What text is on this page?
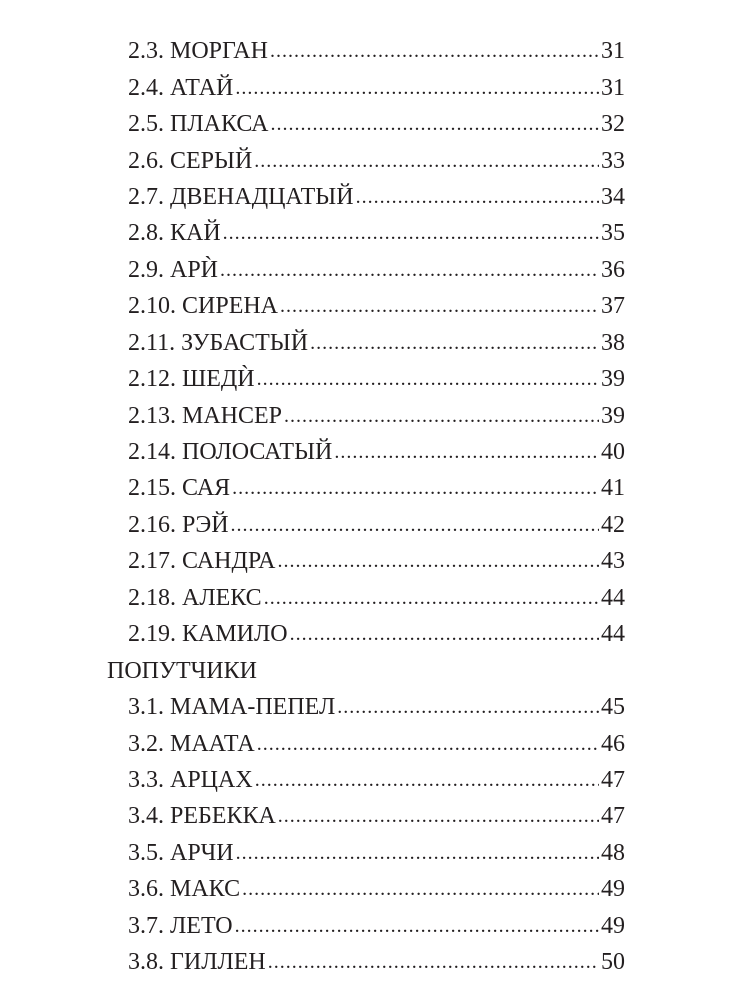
2.3. МОРГАН .....	31
2.4. АТАЙ .....	31
2.5. ПЛАКСА .....	32
2.6. СЕРЫЙ .....	33
2.7. ДВЕНАДЦАТЫЙ .....	34
2.8. КАЙ .....	35
2.9. АРЍ .....	36
2.10. СИРЕНА .....	37
2.11. ЗУБАСТЫЙ .....	38
2.12. ШЕДЍ .....	39
2.13. МАНСЕР .....	39
2.14. ПОЛОСАТЫЙ .....	40
2.15. САЯ .....	41
2.16. РЭЙ .....	42
2.17. САНДРА .....	43
2.18. АЛЕКС .....	44
2.19. КАМИЛО .....	44
ПОПУТЧИКИ
3.1. МАМА-ПЕПЕЛ .....	45
3.2. МААТА .....	46
3.3. АРЦАХ .....	47
3.4. РЕБЕККА .....	47
3.5. АРЧИ .....	48
3.6. МАКС .....	49
3.7. ЛЕТО .....	49
3.8. ГИЛЛЕН .....	50
